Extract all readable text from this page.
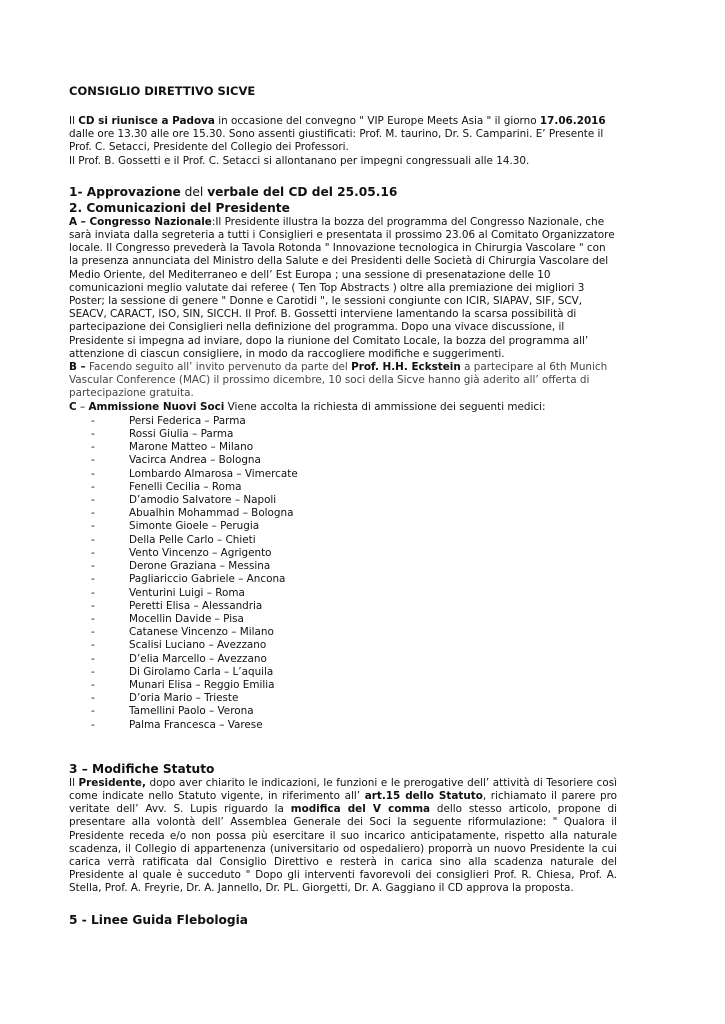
CONSIGLIO DIRETTIVO SICVE

Il CD si riunisce a Padova in occasione del convegno " VIP Europe Meets Asia " il giorno 17.06.2016 dalle ore 13.30 alle ore 15.30. Sono assenti giustificati: Prof. M. taurino, Dr. S. Camparini. E’ Presente il Prof. C. Setacci, Presidente del Collegio dei Professori.

Il Prof. B. Gossetti e il Prof. C. Setacci si allontanano per impegni congressuali alle 14.30.

1- Approvazione del verbale del CD del 25.05.16
2. Comunicazioni del Presidente

A – Congresso Nazionale:Il Presidente illustra la bozza del programma del Congresso Nazionale, che sarà inviata dalla segreteria a tutti i Consiglieri e presentata il prossimo 23.06 al Comitato Organizzatore locale. Il Congresso prevederà la Tavola Rotonda " Innovazione tecnologica in Chirurgia Vascolare " con la presenza annunciata del Ministro della Salute e dei Presidenti delle Società di Chirurgia Vascolare del Medio Oriente, del Mediterraneo e dell’ Est Europa ; una sessione di presenatazione delle 10 comunicazioni meglio valutate dai referee ( Ten Top Abstracts ) oltre alla premiazione dei migliori 3 Poster; la sessione di genere " Donne e Carotidi ", le sessioni congiunte con ICIR, SIAPAV, SIF, SCV, SEACV, CARACT, ISO, SIN, SICCH. Il Prof. B. Gossetti interviene lamentando la scarsa possibilità di partecipazione dei Consiglieri nella definizione del programma. Dopo una vivace discussione, il Presidente si impegna ad inviare, dopo la riunione del Comitato Locale, la bozza del programma all’ attenzione di ciascun consigliere, in modo da raccogliere modifiche e suggerimenti.

B – Facendo seguito all’ invito pervenuto da parte del Prof. H.H. Eckstein a partecipare al 6th Munich Vascular Conference (MAC) il prossimo dicembre, 10 soci della Sicve hanno già aderito all’ offerta di partecipazione gratuita.

C – Ammissione Nuovi Soci Viene accolta la richiesta di ammissione dei seguenti medici:

-	Persi Federica – Parma
-	Rossi Giulia – Parma
-	Marone Matteo – Milano
-	Vacirca Andrea – Bologna
-	Lombardo Almarosa – Vimercate
-	Fenelli Cecilia – Roma
-	D’amodio Salvatore – Napoli
-	Abualhin Mohammad – Bologna
-	Simonte Gioele – Perugia
-	Della Pelle Carlo – Chieti
-	Vento Vincenzo – Agrigento
-	Derone Graziana – Messina
-	Pagliariccio Gabriele – Ancona
-	Venturini Luigi – Roma
-	Peretti Elisa – Alessandria
-	Mocellin Davide – Pisa
-	Catanese Vincenzo – Milano
-	Scalisi Luciano – Avezzano
-	D’elia Marcello – Avezzano
-	Di Girolamo Carla – L’aquila
-	Munari Elisa – Reggio Emilia
-	D’oria Mario – Trieste
-	Tamellini Paolo – Verona
-	Palma Francesca – Varese
3 – Modifiche Statuto

Il Presidente, dopo aver chiarito le indicazioni, le funzioni e le prerogative dell’ attività di Tesoriere così come indicate nello Statuto vigente, in riferimento all’ art.15 dello Statuto, richiamato il parere pro veritate dell’ Avv. S. Lupis riguardo la modifica del V comma dello stesso articolo, propone di presentare alla volontà dell’ Assemblea Generale dei Soci la seguente riformulazione: " Qualora il Presidente receda e/o non possa più esercitare il suo incarico anticipatamente, rispetto alla naturale scadenza, il Collegio di appartenenza (universitario od ospedaliero) proporrà un nuovo Presidente la cui carica verrà ratificata dal Consiglio Direttivo e resterà in carica sino alla scadenza naturale del Presidente al quale è succeduto " Dopo gli interventi favorevoli dei consiglieri Prof. R. Chiesa, Prof. A. Stella, Prof. A. Freyrie, Dr. A. Jannello, Dr. PL. Giorgetti, Dr. A. Gaggiano il CD approva la proposta.

5 - Linee Guida Flebologia
